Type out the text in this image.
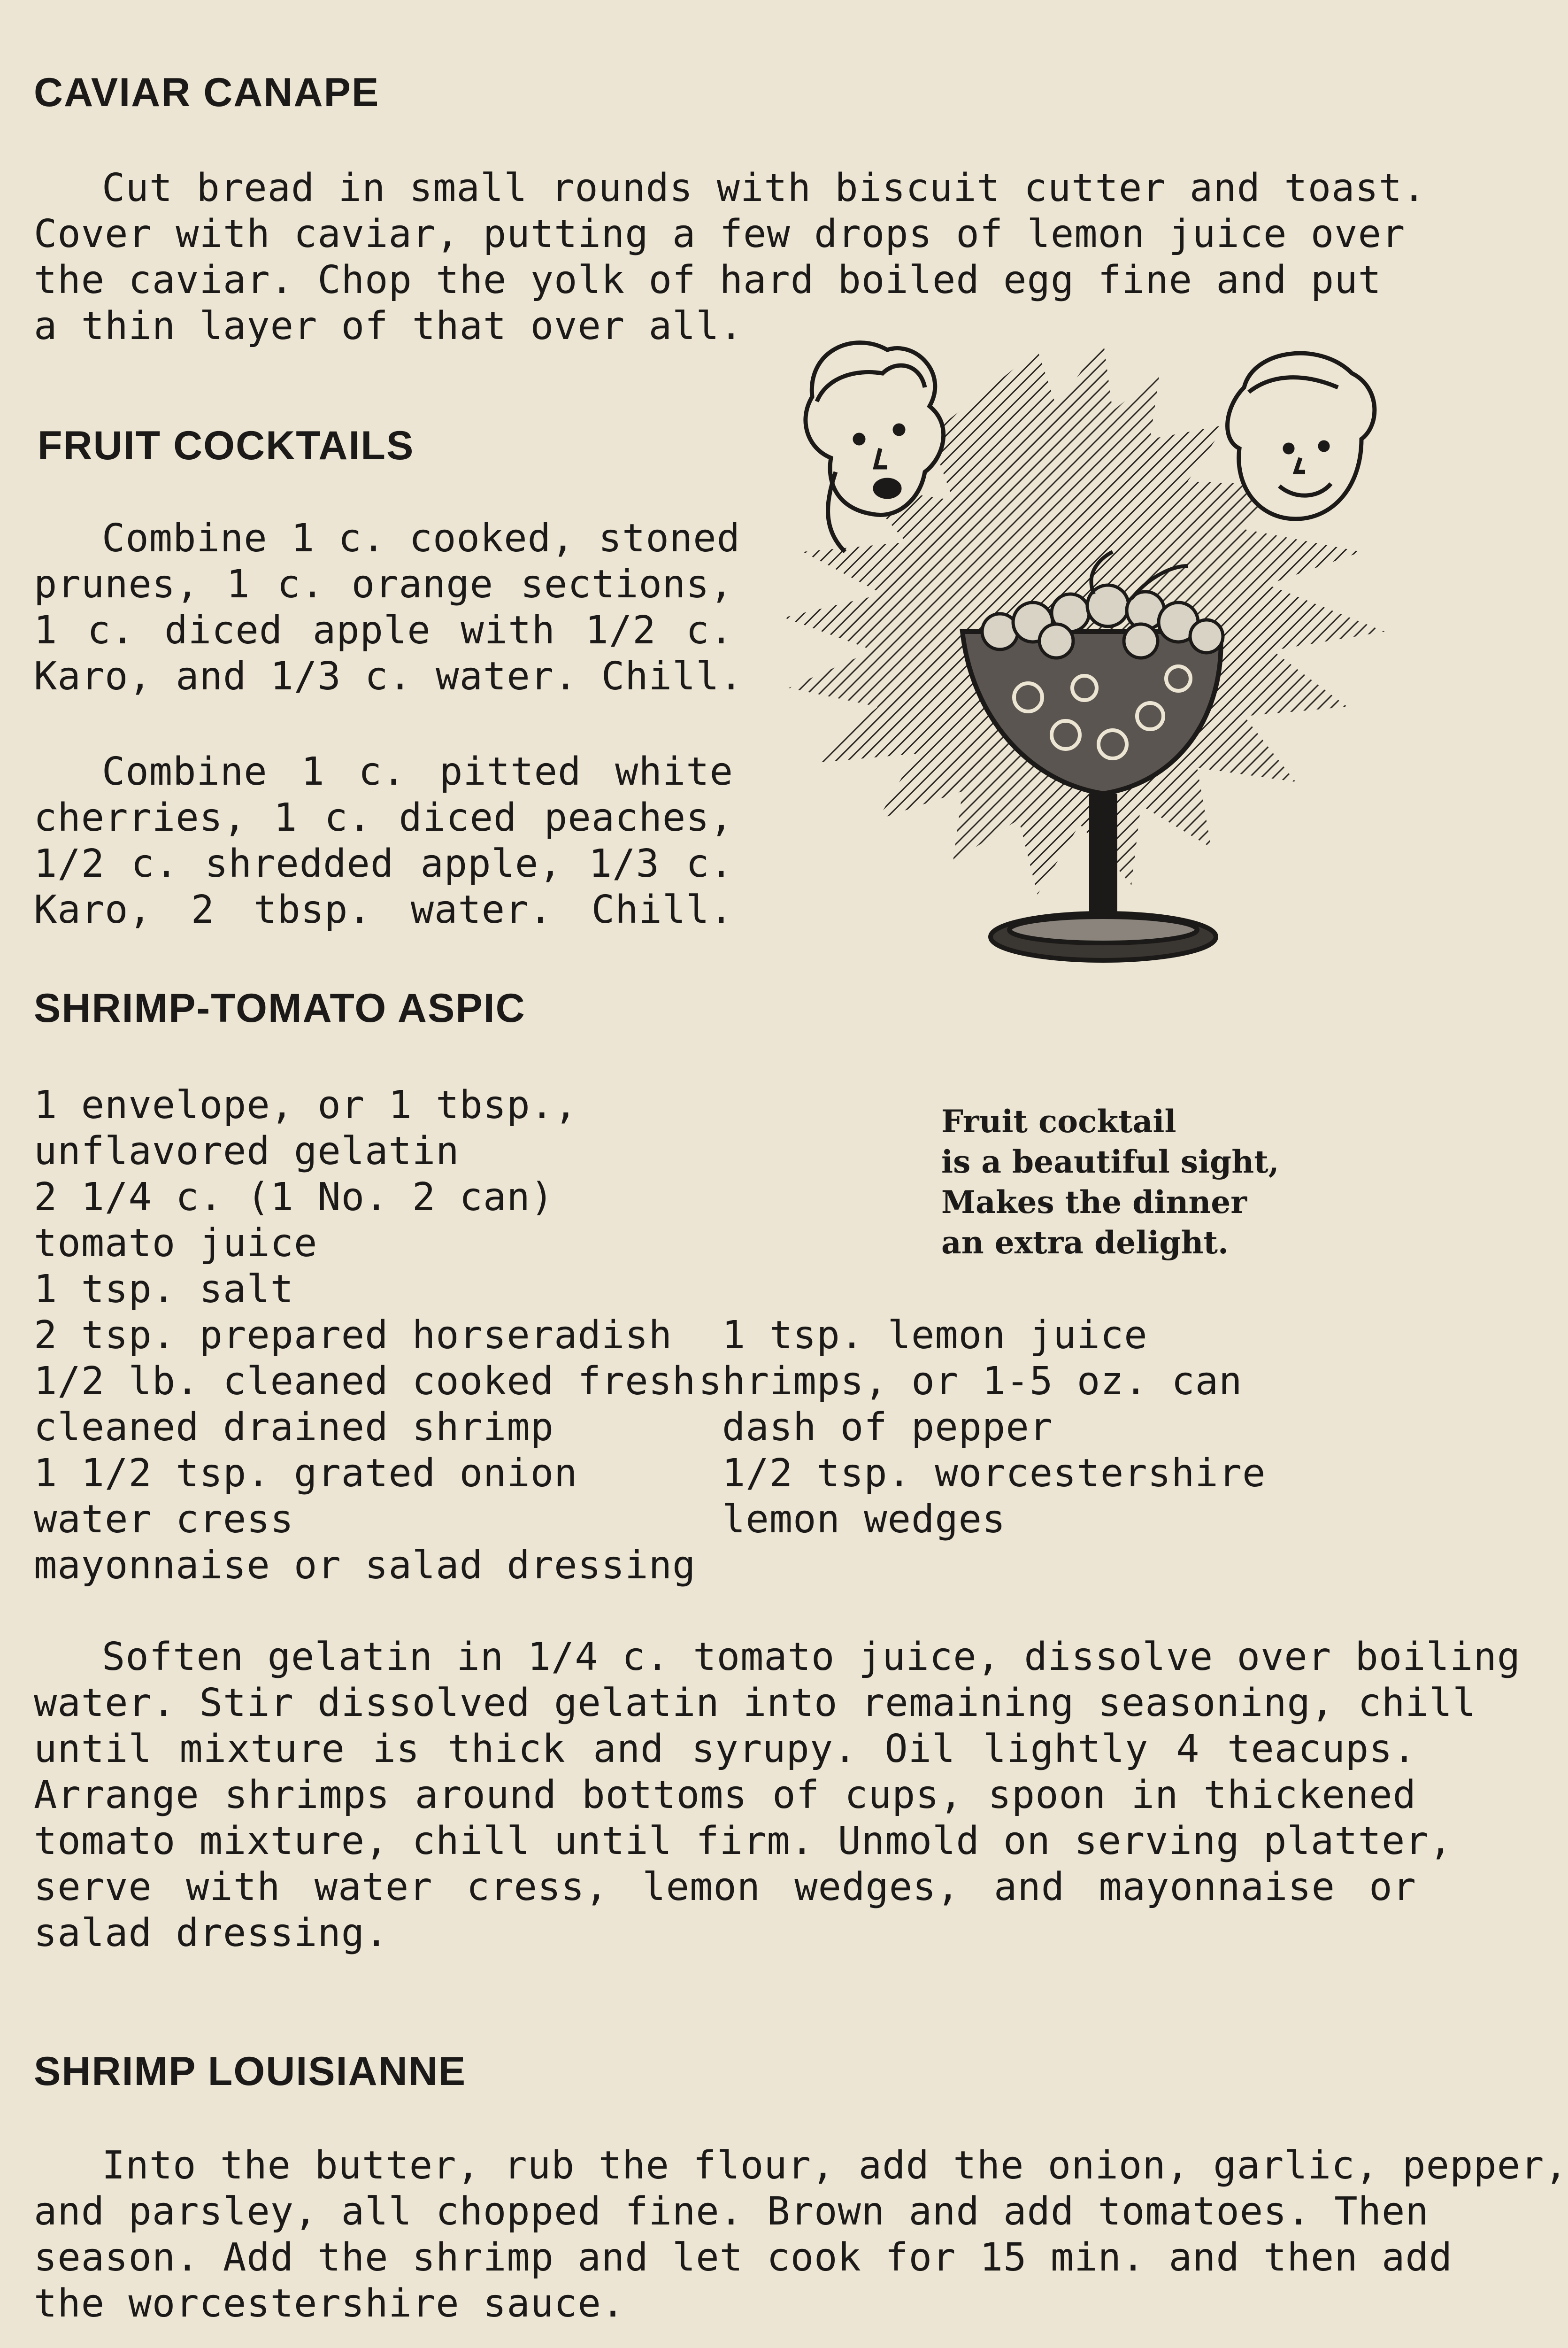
CAVIAR CANAPE
Cut bread in small rounds with biscuit cutter and toast.
Cover with caviar, putting a few drops of lemon juice over
the caviar. Chop the yolk of hard boiled egg fine and put
a thin layer of that over all.
FRUIT COCKTAILS
Combine 1 c. cooked, stoned
prunes, 1 c. orange sections,
1 c. diced apple with 1/2 c.
Karo, and 1/3 c. water. Chill.
Combine 1 c. pitted white
cherries, 1 c. diced peaches,
1/2 c. shredded apple, 1/3 c.
Karo, 2 tbsp. water. Chill.
SHRIMP-TOMATO ASPIC
1 envelope, or 1 tbsp.,
unflavored gelatin
2 1/4 c. (1 No. 2 can)
tomato juice
1 tsp. salt
2 tsp. prepared horseradish
1/2 lb. cleaned cooked fresh
cleaned drained shrimp
1 1/2 tsp. grated onion
water cress
mayonnaise or salad dressing
1 tsp. lemon juice
shrimps, or 1-5 oz. can
dash of pepper
1/2 tsp. worcestershire
lemon wedges
Fruit cocktail
is a beautiful sight,
Makes the dinner
an extra delight.
Soften gelatin in 1/4 c. tomato juice, dissolve over boiling
water. Stir dissolved gelatin into remaining seasoning, chill
until mixture is thick and syrupy. Oil lightly 4 teacups.
Arrange shrimps around bottoms of cups, spoon in thickened
tomato mixture, chill until firm. Unmold on serving platter,
serve with water cress, lemon wedges, and mayonnaise or
salad dressing.
SHRIMP LOUISIANNE
Into the butter, rub the flour, add the onion, garlic, pepper,
and parsley, all chopped fine. Brown and add tomatoes. Then
season. Add the shrimp and let cook for 15 min. and then add
the worcestershire sauce.
